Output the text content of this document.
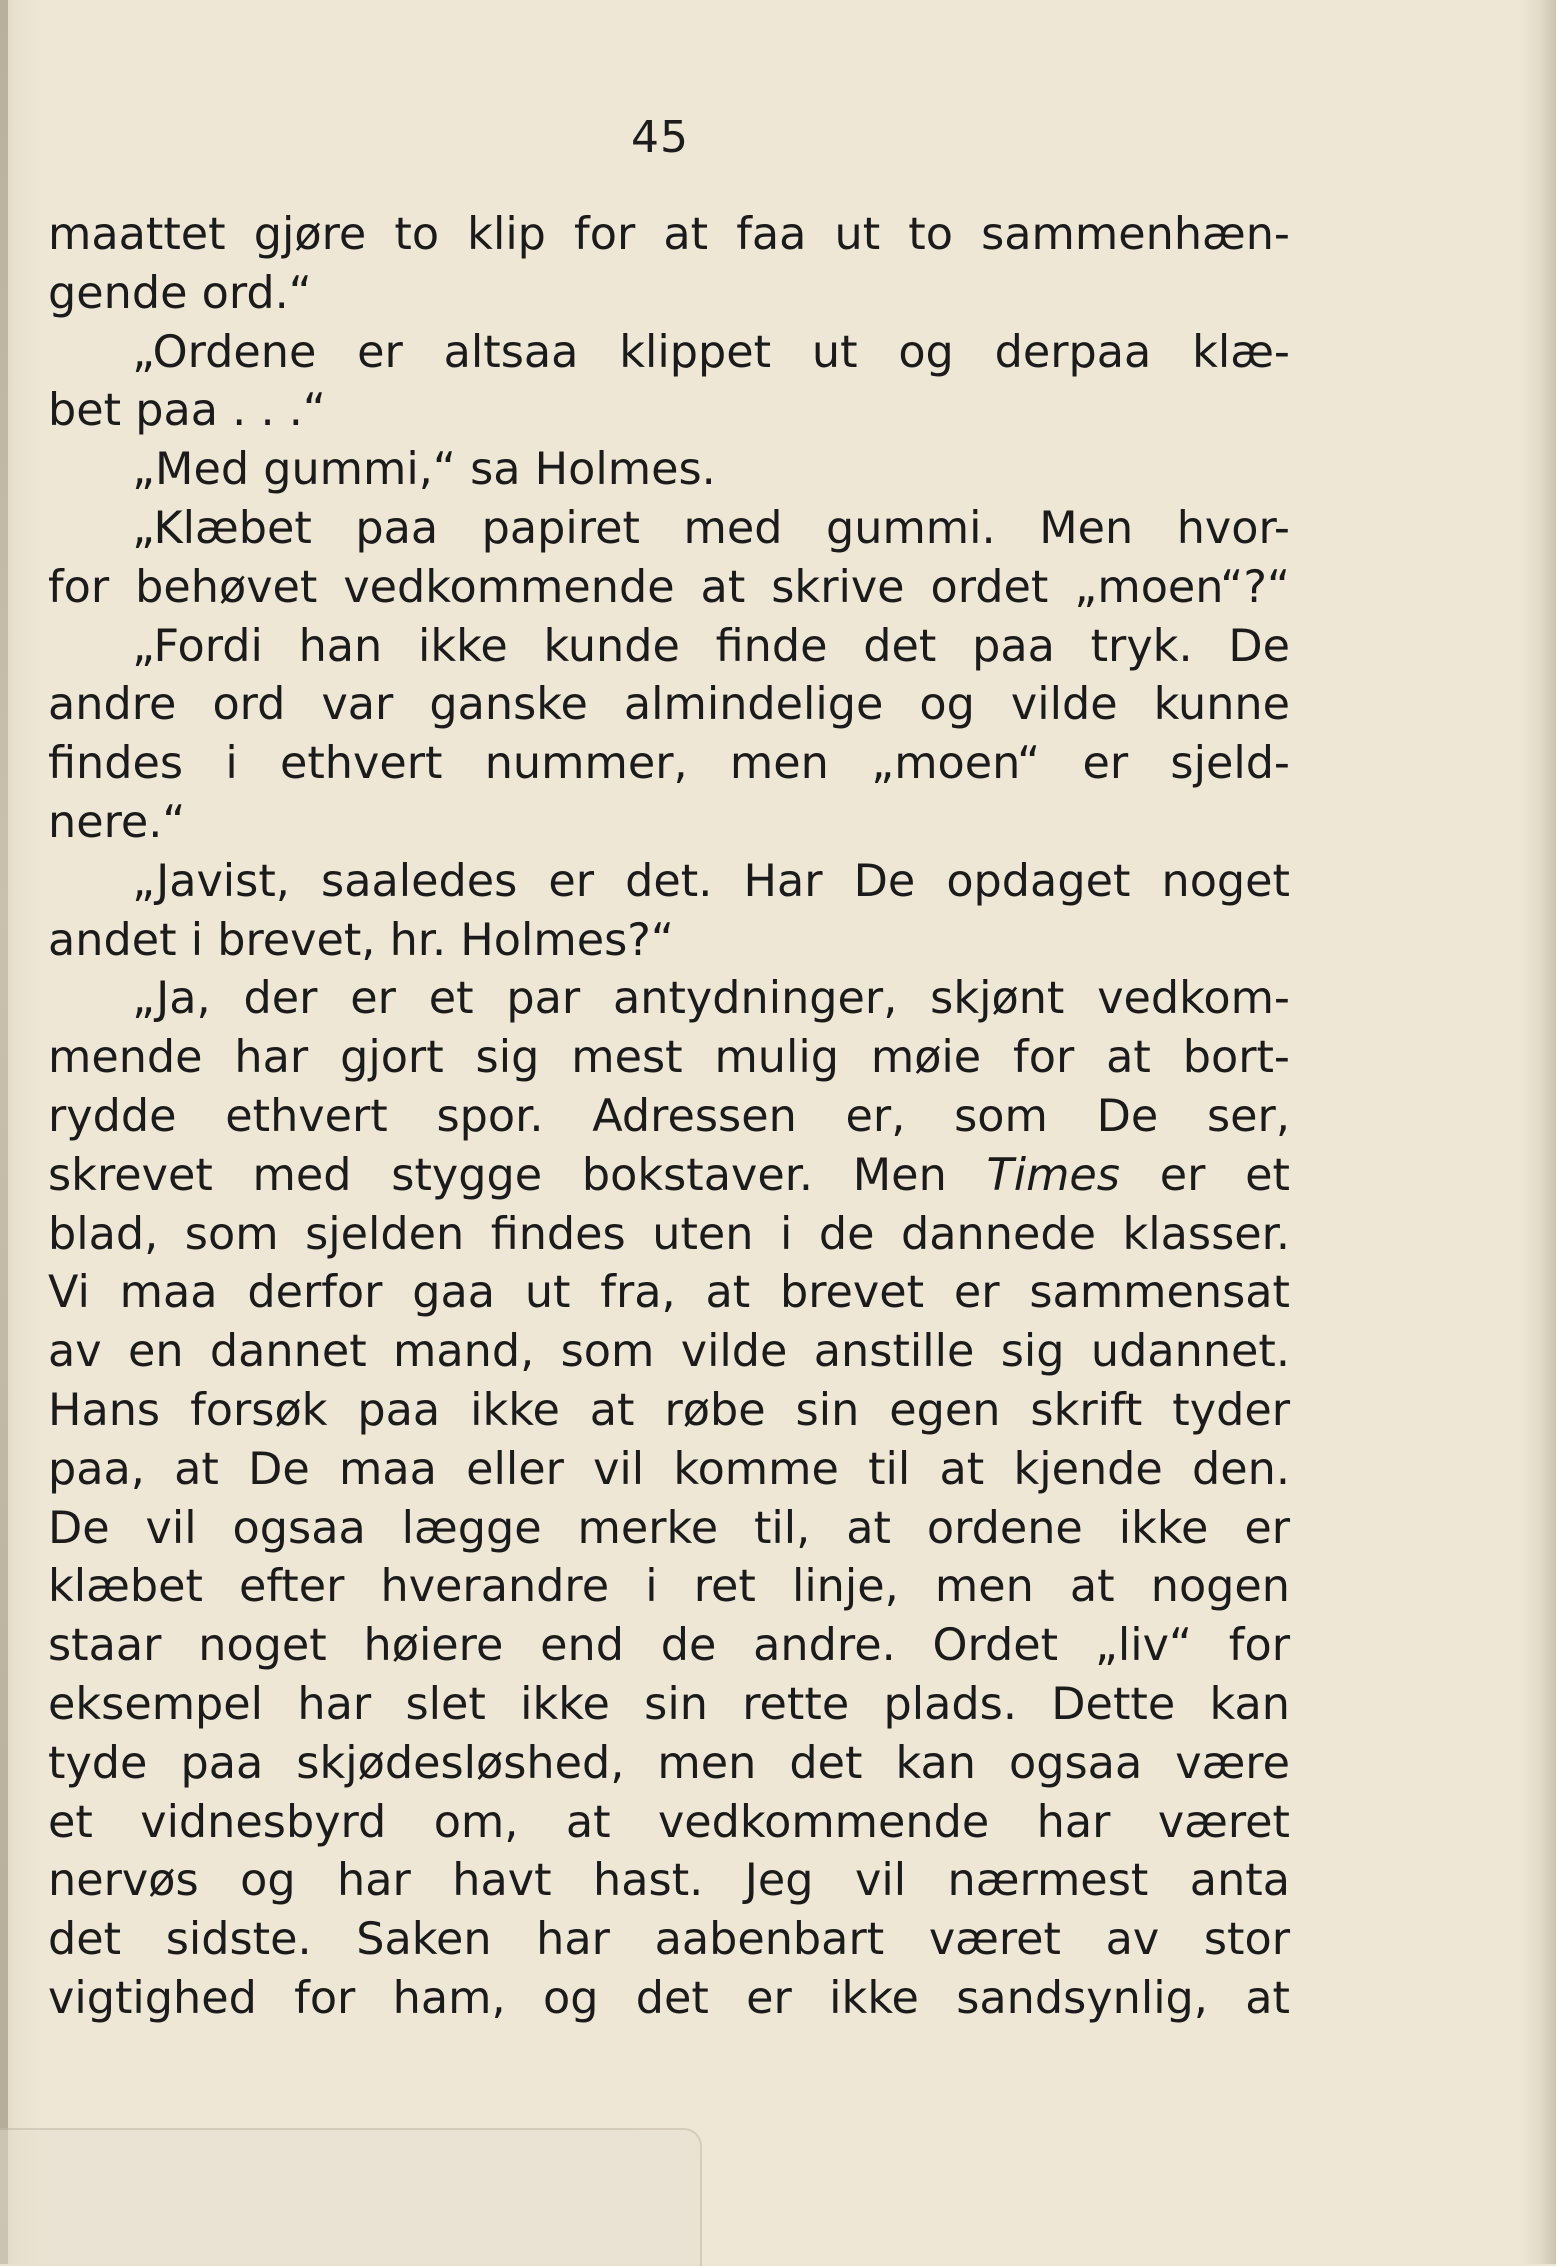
45
maattet gjøre to klip for at faa ut to sammenhæn-
gende ord.“
„Ordene er altsaa klippet ut og derpaa klæ-
bet paa . . .“
„Med gummi,“ sa Holmes.
„Klæbet paa papiret med gummi. Men hvor-
for behøvet vedkommende at skrive ordet „moen“?“
„Fordi han ikke kunde finde det paa tryk. De
andre ord var ganske almindelige og vilde kunne
findes i ethvert nummer, men „moen“ er sjeld-
nere.“
„Javist, saaledes er det. Har De opdaget noget
andet i brevet, hr. Holmes?“
„Ja, der er et par antydninger, skjønt vedkom-
mende har gjort sig mest mulig møie for at bort-
rydde ethvert spor. Adressen er, som De ser,
skrevet med stygge bokstaver. Men Times er et
blad, som sjelden findes uten i de dannede klasser.
Vi maa derfor gaa ut fra, at brevet er sammensat
av en dannet mand, som vilde anstille sig udannet.
Hans forsøk paa ikke at røbe sin egen skrift tyder
paa, at De maa eller vil komme til at kjende den.
De vil ogsaa lægge merke til, at ordene ikke er
klæbet efter hverandre i ret linje, men at nogen
staar noget høiere end de andre. Ordet „liv“ for
eksempel har slet ikke sin rette plads. Dette kan
tyde paa skjødesløshed, men det kan ogsaa være
et vidnesbyrd om, at vedkommende har været
nervøs og har havt hast. Jeg vil nærmest anta
det sidste. Saken har aabenbart været av stor
vigtighed for ham, og det er ikke sandsynlig, at
